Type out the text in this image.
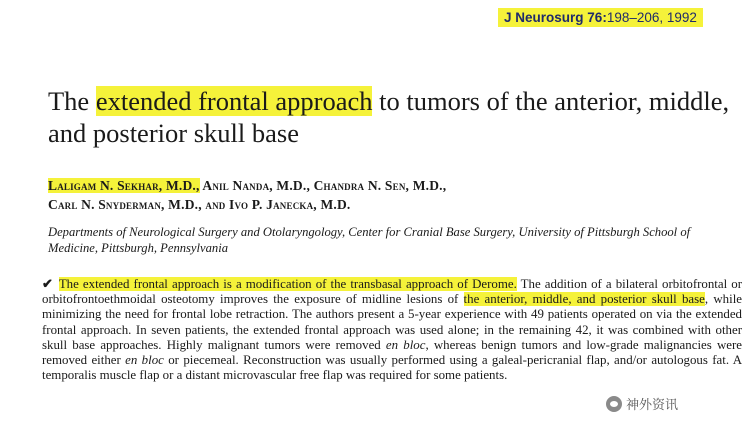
J Neurosurg 76:198–206, 1992
The extended frontal approach to tumors of the anterior, middle, and posterior skull base
Laligam N. Sekhar, M.D., Anil Nanda, M.D., Chandra N. Sen, M.D.,
Carl N. Snyderman, M.D., and Ivo P. Janecka, M.D.
Departments of Neurological Surgery and Otolaryngology, Center for Cranial Base Surgery, University of Pittsburgh School of Medicine, Pittsburgh, Pennsylvania
✔ The extended frontal approach is a modification of the transbasal approach of Derome. The addition of a bilateral orbitofrontal or orbitofrontoethmoidal osteotomy improves the exposure of midline lesions of the anterior, middle, and posterior skull base, while minimizing the need for frontal lobe retraction. The authors present a 5-year experience with 49 patients operated on via the extended frontal approach. In seven patients, the extended frontal approach was used alone; in the remaining 42, it was combined with other skull base approaches. Highly malignant tumors were removed en bloc, whereas benign tumors and low-grade malignancies were removed either en bloc or piecemeal. Reconstruction was usually performed using a galeal-pericranial flap, and/or autologous fat. A temporalis muscle flap or a distant microvascular free flap was required for some patients.
神外资讯
